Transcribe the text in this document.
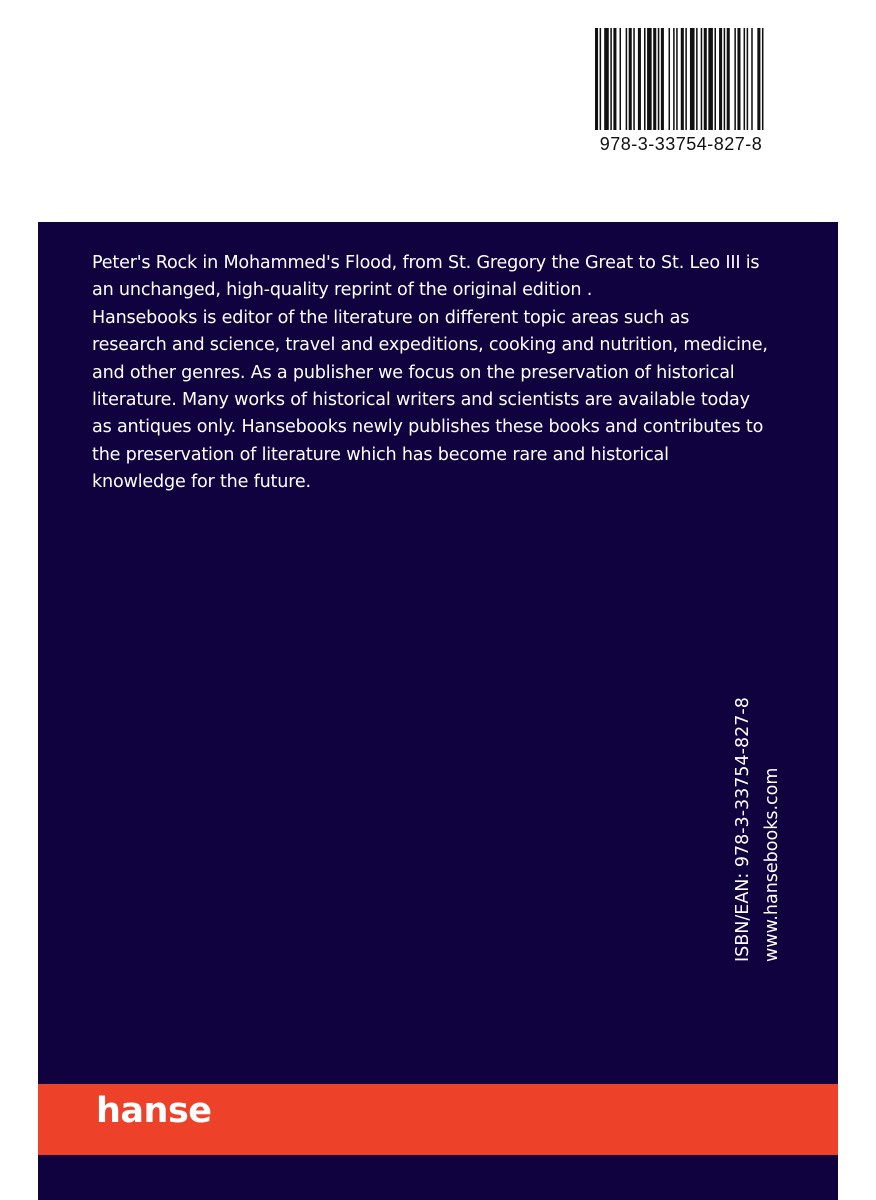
978-3-33754-827-8

Peter's Rock in Mohammed's Flood, from St. Gregory the Great to St. Leo III is
an unchanged, high-quality reprint of the original edition .
Hansebooks is editor of the literature on different topic areas such as
research and science, travel and expeditions, cooking and nutrition, medicine,
and other genres. As a publisher we focus on the preservation of historical
literature. Many works of historical writers and scientists are available today
as antiques only. Hansebooks newly publishes these books and contributes to
the preservation of literature which has become rare and historical
knowledge for the future.

ISBN/EAN: 978-3-33754-827-8 www.hansebooks.com
hanse
